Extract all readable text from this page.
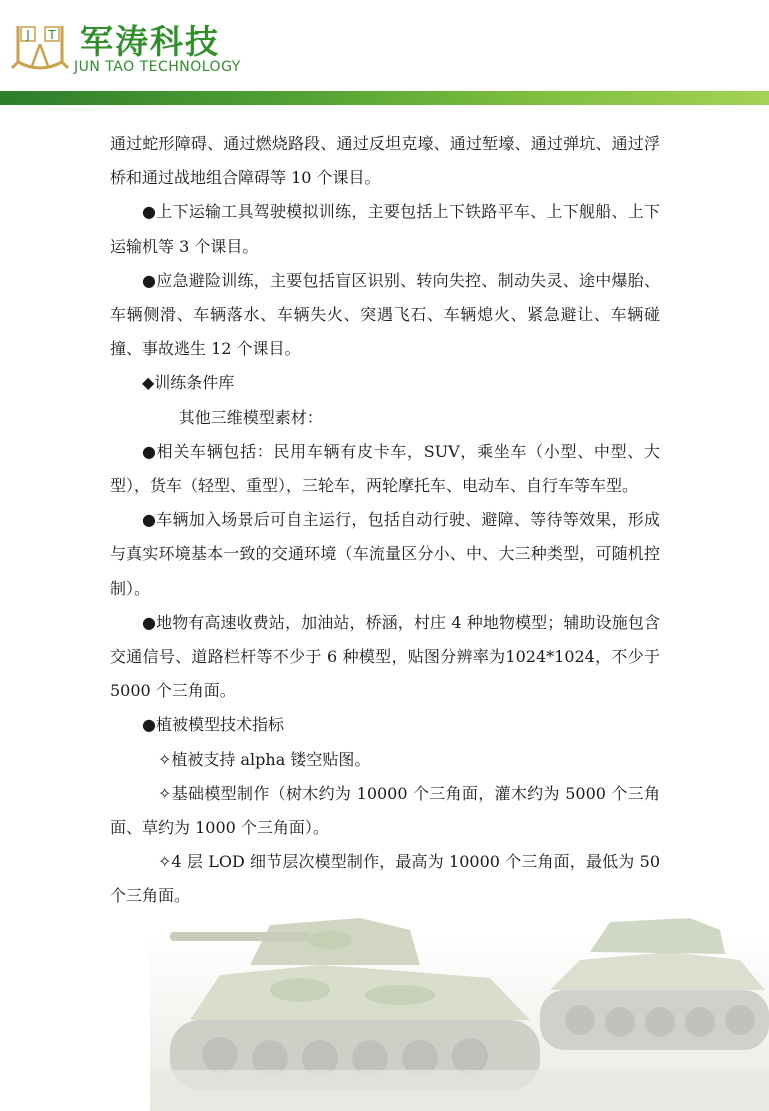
J T 军涛科技
JUN TAO TECHNOLOGY

通过蛇形障碍、通过燃烧路段、通过反坦克壕、通过堑壕、通过弹坑、通过浮桥和通过战地组合障碍等 10 个课目。

●上下运输工具驾驶模拟训练，主要包括上下铁路平车、上下舰船、上下运输机等 3 个课目。

●应急避险训练，主要包括盲区识别、转向失控、制动失灵、途中爆胎、车辆侧滑、车辆落水、车辆失火、突遇飞石、车辆熄火、紧急避让、车辆碰撞、事故逃生 12 个课目。

◆训练条件库

其他三维模型素材：

●相关车辆包括：民用车辆有皮卡车，SUV，乘坐车（小型、中型、大型），货车（轻型、重型），三轮车，两轮摩托车、电动车、自行车等车型。

●车辆加入场景后可自主运行，包括自动行驶、避障、等待等效果，形成与真实环境基本一致的交通环境（车流量区分小、中、大三种类型，可随机控制）。

●地物有高速收费站，加油站，桥涵，村庄 4 种地物模型；辅助设施包含交通信号、道路栏杆等不少于 6 种模型，贴图分辨率为1024*1024，不少于 5000 个三角面。

●植被模型技术指标

✧植被支持 alpha 镂空贴图。

✧基础模型制作（树木约为 10000 个三角面，灌木约为 5000 个三角面、草约为 1000 个三角面）。

✧4 层 LOD 细节层次模型制作，最高为 10000 个三角面，最低为 50 个三角面。
